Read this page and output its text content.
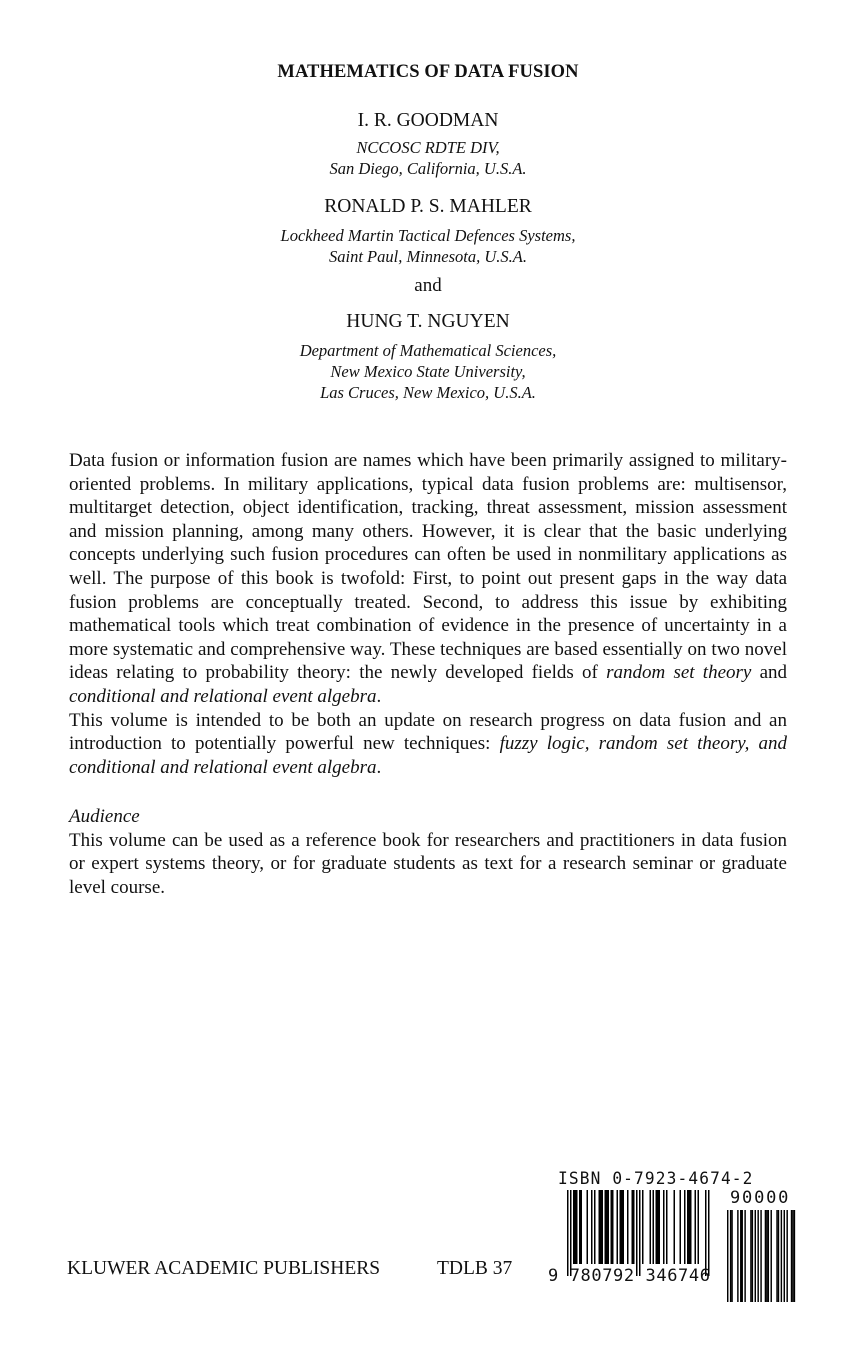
MATHEMATICS OF DATA FUSION
I. R. GOODMAN
NCCOSC RDTE DIV,
San Diego, California, U.S.A.
RONALD P. S. MAHLER
Lockheed Martin Tactical Defences Systems,
Saint Paul, Minnesota, U.S.A.
and
HUNG T. NGUYEN
Department of Mathematical Sciences,
New Mexico State University,
Las Cruces, New Mexico, U.S.A.

Data fusion or information fusion are names which have been primarily assigned to military-oriented problems. In military applications, typical data fusion problems are: multisensor, multitarget detection, object identification, tracking, threat assessment, mission assessment and mission planning, among many others. However, it is clear that the basic underlying concepts underlying such fusion procedures can often be used in nonmilitary applications as well. The purpose of this book is twofold: First, to point out present gaps in the way data fusion problems are conceptually treated. Second, to address this issue by exhibiting mathematical tools which treat combination of evidence in the presence of uncertainty in a more systematic and comprehensive way. These techniques are based essentially on two novel ideas relating to probability theory: the newly developed fields of random set theory and conditional and relational event algebra.

This volume is intended to be both an update on research progress on data fusion and an introduction to potentially powerful new techniques: fuzzy logic, random set theory, and conditional and relational event algebra.

Audience

This volume can be used as a reference book for researchers and practitioners in data fusion or expert systems theory, or for graduate students as text for a research seminar or graduate level course.

KLUWER ACADEMIC PUBLISHERS	TDLB 37
ISBN 0-7923-4674-2
90000
9 780792 346746
